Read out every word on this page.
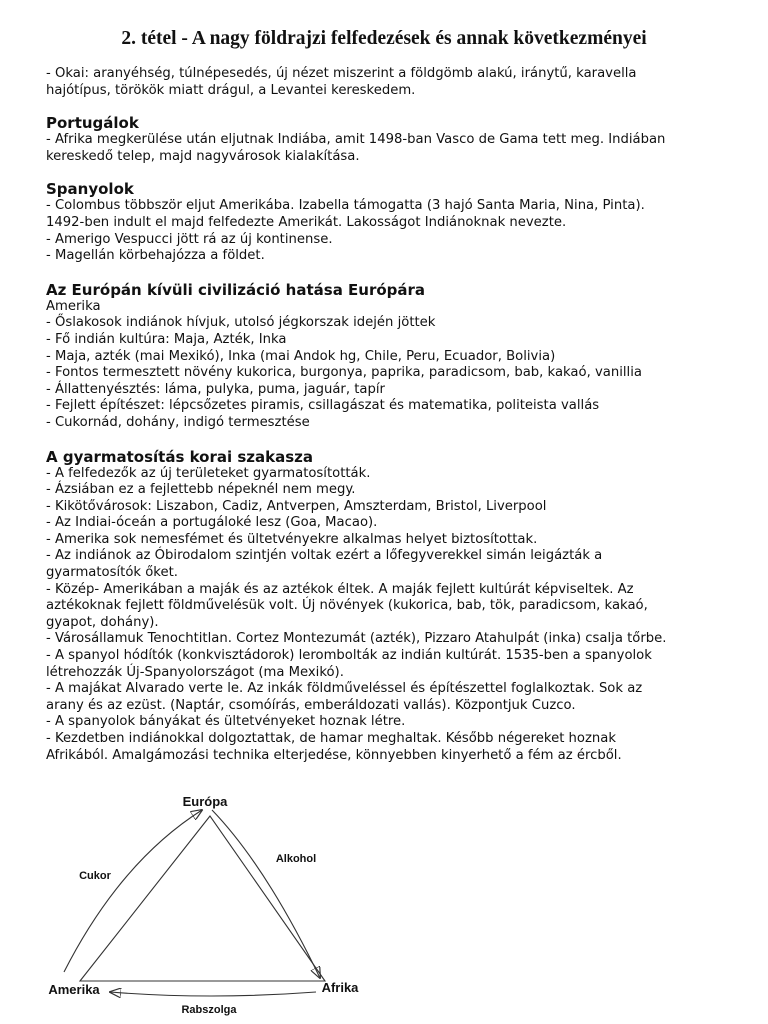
2. tétel - A nagy földrajzi felfedezések és annak következményei

- Okai: aranyéhség, túlnépesedés, új nézet miszerint a földgömb alakú, iránytű, karavella

hajótípus, törökök miatt drágul, a Levantei kereskedem.

Portugálok

- Afrika megkerülése után eljutnak Indiába, amit 1498-ban Vasco de Gama tett meg. Indiában

kereskedő telep, majd nagyvárosok kialakítása.

Spanyolok

- Colombus többször eljut Amerikába. Izabella támogatta (3 hajó Santa Maria, Nina, Pinta).

1492-ben indult el majd felfedezte Amerikát. Lakosságot Indiánoknak nevezte.

- Amerigo Vespucci jött rá az új kontinense.

- Magellán körbehajózza a földet.

Az Európán kívüli civilizáció hatása Európára

Amerika

- Őslakosok indiánok hívjuk, utolsó jégkorszak idején jöttek

- Fő indián kultúra: Maja, Azték, Inka

- Maja, azték (mai Mexikó), Inka (mai Andok hg, Chile, Peru, Ecuador, Bolivia)

- Fontos termesztett növény kukorica, burgonya, paprika, paradicsom, bab, kakaó, vanillia

- Állattenyésztés: láma, pulyka, puma, jaguár, tapír

- Fejlett építészet: lépcsőzetes piramis, csillagászat és matematika, politeista vallás

- Cukornád, dohány, indigó termesztése

A gyarmatosítás korai szakasza

- A felfedezők az új területeket gyarmatosították.

- Ázsiában ez a fejlettebb népeknél nem megy.

- Kikötővárosok: Liszabon, Cadiz, Antverpen, Amszterdam, Bristol, Liverpool

- Az Indiai-óceán a portugáloké lesz (Goa, Macao).

- Amerika sok nemesfémet és ültetvényekre alkalmas helyet biztosítottak.

- Az indiánok az Óbirodalom szintjén voltak ezért a lőfegyverekkel simán leigázták a

gyarmatosítók őket.

- Közép- Amerikában a maják és az aztékok éltek. A maják fejlett kultúrát képviseltek. Az

aztékoknak fejlett földművelésük volt. Új növények (kukorica, bab, tök, paradicsom, kakaó,

gyapot, dohány).

- Városállamuk Tenochtitlan. Cortez Montezumát (azték), Pizzaro Atahulpát (inka) csalja tőrbe.

- A spanyol hódítók (konkvisztádorok) lerombolták az indián kultúrát. 1535-ben a spanyolok

létrehozzák Új-Spanyolországot (ma Mexikó).

- A majákat Alvarado verte le. Az inkák földműveléssel és építészettel foglalkoztak. Sok az

arany és az ezüst. (Naptár, csomóírás, emberáldozati vallás). Központjuk Cuzco.

- A spanyolok bányákat és ültetvényeket hoznak létre.

- Kezdetben indiánokkal dolgoztattak, de hamar meghaltak. Később négereket hoznak

Afrikából. Amalgámozási technika elterjedése, könnyebben kinyerhető a fém az ércből.

Európa
Amerika	Afrika
Cukor
Alkohol
Rabszolga
